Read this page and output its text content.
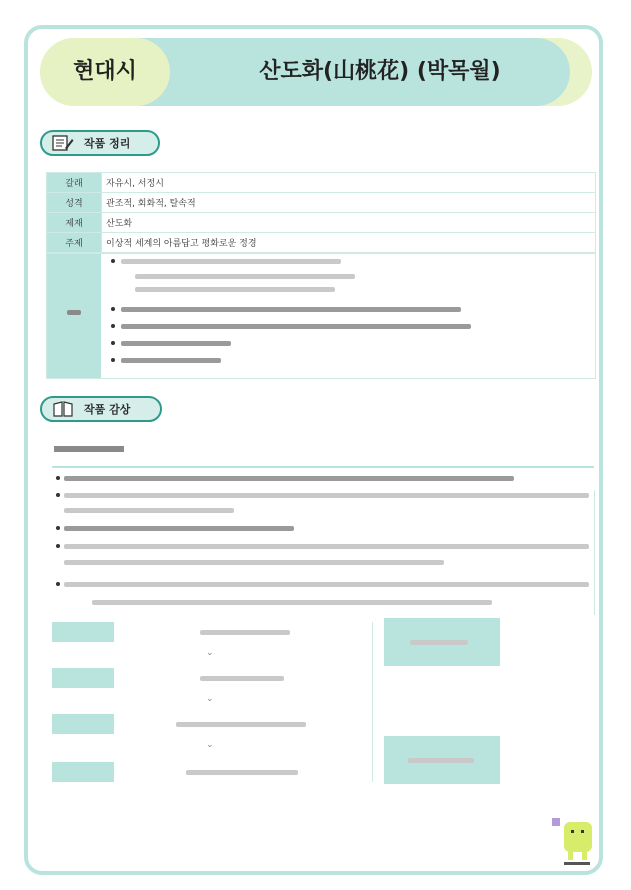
현대시	산도화(山桃花) (박목월)
작품 정리
갈래	자유시, 서정시
성격	관조적, 회화적, 탈속적
제재	산도화
주제	이상적 세계의 아름답고 평화로운 정경
작품 감상
⌄
⌄
⌄
